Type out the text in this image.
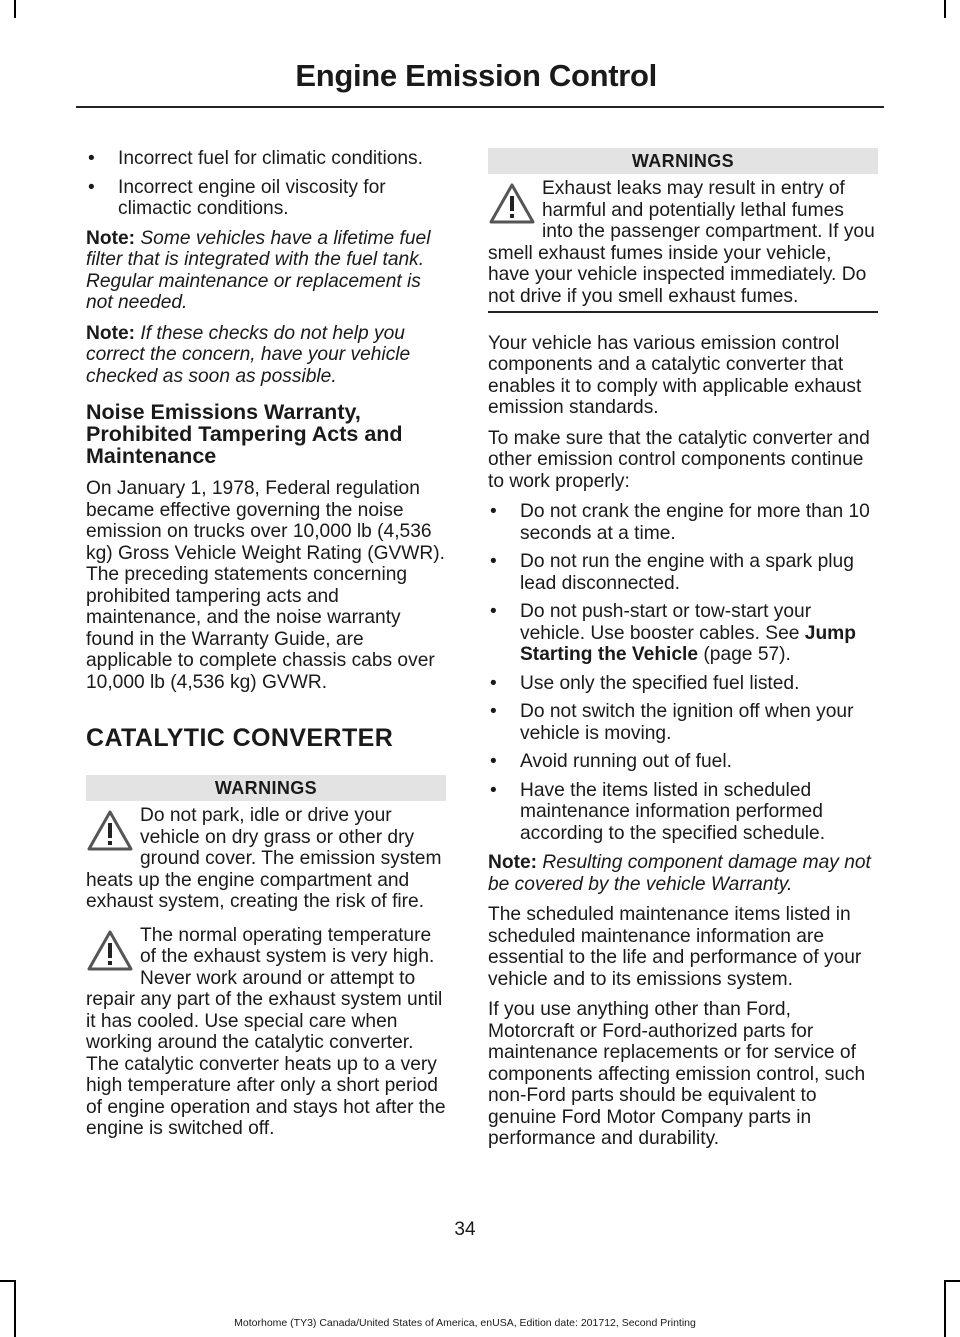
Engine Emission Control
• Incorrect fuel for climatic conditions.
• Incorrect engine oil viscosity for climactic conditions.

Note: Some vehicles have a lifetime fuel filter that is integrated with the fuel tank. Regular maintenance or replacement is not needed.

Note: If these checks do not help you correct the concern, have your vehicle checked as soon as possible.

Noise Emissions Warranty, Prohibited Tampering Acts and Maintenance

On January 1, 1978, Federal regulation became effective governing the noise emission on trucks over 10,000 lb (4,536 kg) Gross Vehicle Weight Rating (GVWR). The preceding statements concerning prohibited tampering acts and maintenance, and the noise warranty found in the Warranty Guide, are applicable to complete chassis cabs over 10,000 lb (4,536 kg) GVWR.

CATALYTIC CONVERTER
WARNINGS
Do not park, idle or drive your vehicle on dry grass or other dry ground cover. The emission system heats up the engine compartment and exhaust system, creating the risk of fire.
The normal operating temperature of the exhaust system is very high. Never work around or attempt to repair any part of the exhaust system until it has cooled. Use special care when working around the catalytic converter. The catalytic converter heats up to a very high temperature after only a short period of engine operation and stays hot after the engine is switched off.
WARNINGS
Exhaust leaks may result in entry of harmful and potentially lethal fumes into the passenger compartment. If you smell exhaust fumes inside your vehicle, have your vehicle inspected immediately. Do not drive if you smell exhaust fumes.

Your vehicle has various emission control components and a catalytic converter that enables it to comply with applicable exhaust emission standards.

To make sure that the catalytic converter and other emission control components continue to work properly:

• Do not crank the engine for more than 10 seconds at a time.
• Do not run the engine with a spark plug lead disconnected.
• Do not push-start or tow-start your vehicle. Use booster cables. See Jump Starting the Vehicle (page 57).
• Use only the specified fuel listed.
• Do not switch the ignition off when your vehicle is moving.
• Avoid running out of fuel.
• Have the items listed in scheduled maintenance information performed according to the specified schedule.

Note: Resulting component damage may not be covered by the vehicle Warranty.

The scheduled maintenance items listed in scheduled maintenance information are essential to the life and performance of your vehicle and to its emissions system.

If you use anything other than Ford, Motorcraft or Ford-authorized parts for maintenance replacements or for service of components affecting emission control, such non-Ford parts should be equivalent to genuine Ford Motor Company parts in performance and durability.

34
Motorhome (TY3) Canada/United States of America, enUSA, Edition date: 201712, Second Printing
